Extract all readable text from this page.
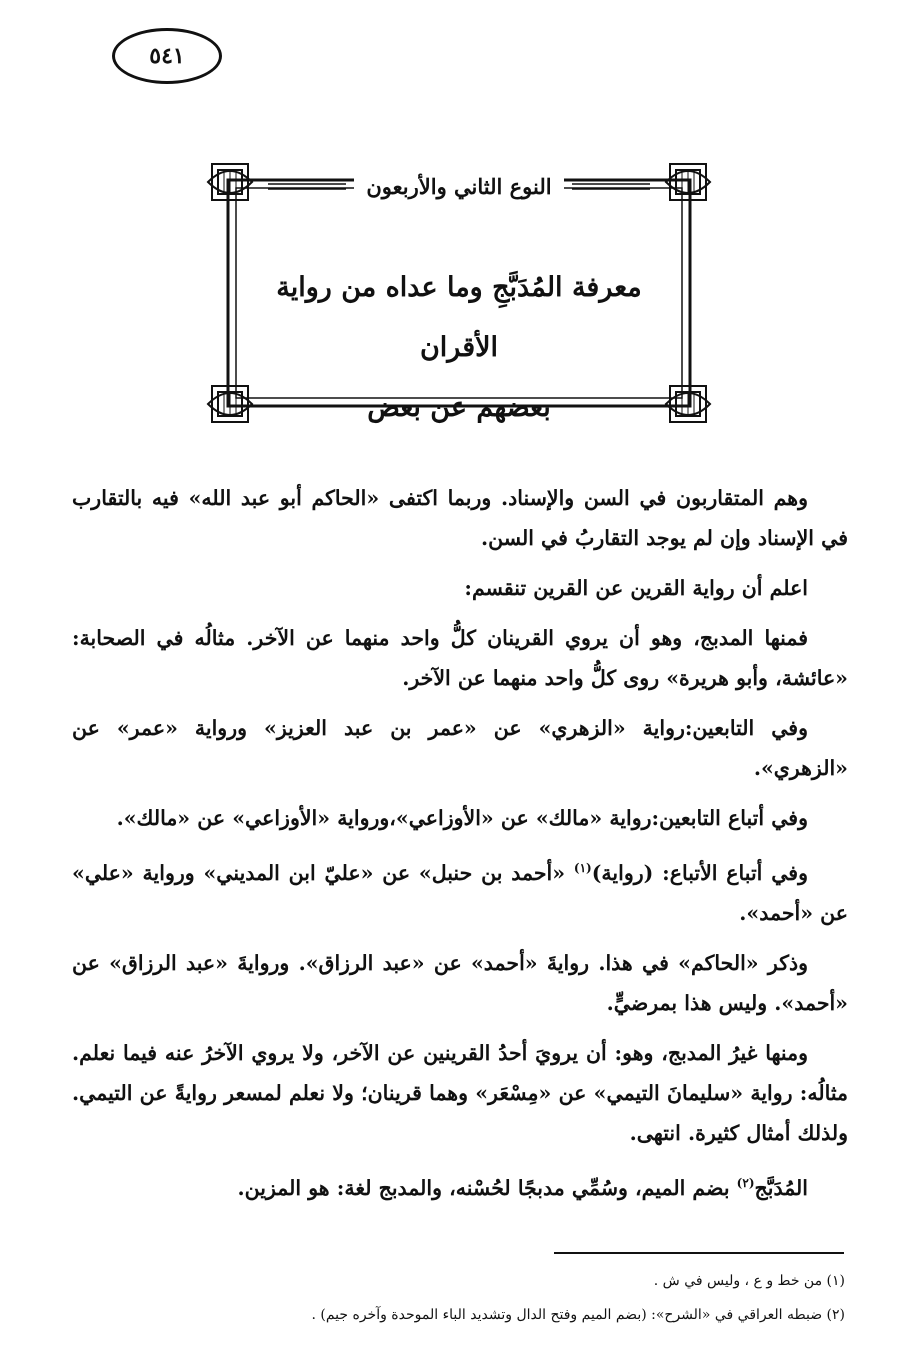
٥٤١
النوع الثاني والأربعون
معرفة المُدَبَّجِ وما عداه من رواية الأقران
بعضهم عن بعض

وهم المتقاربون في السن والإسناد. وربما اكتفى «الحاكم أبو عبد الله» فيه بالتقارب في الإسناد وإن لم يوجد التقاربُ في السن.

اعلم أن رواية القرين عن القرين تنقسم:

فمنها المدبج، وهو أن يروي القرينان كلُّ واحد منهما عن الآخر. مثالُه في الصحابة: «عائشة، وأبو هريرة» روى كلُّ واحد منهما عن الآخر.

وفي التابعين:رواية «الزهري» عن «عمر بن عبد العزيز» ورواية «عمر» عن «الزهري».

وفي أتباع التابعين:رواية «مالك» عن «الأوزاعي»،ورواية «الأوزاعي» عن «مالك».

وفي أتباع الأتباع: (رواية)$^{(١)}$ «أحمد بن حنبل» عن «عليّ ابن المديني» ورواية «علي» عن «أحمد».

وذكر «الحاكم» في هذا. روايةَ «أحمد» عن «عبد الرزاق». وروايةَ «عبد الرزاق» عن «أحمد». وليس هذا بمرضيٍّ.

ومنها غيرُ المدبج، وهو: أن يرويَ أحدُ القرينين عن الآخر، ولا يروي الآخرُ عنه فيما نعلم. مثالُه: رواية «سليمانَ التيمي» عن «مِسْعَر» وهما قرينان؛ ولا نعلم لمسعر روايةً عن التيمي. ولذلك أمثال كثيرة. انتهى.

المُدَبَّج$^{(٢)}$ بضم الميم، وسُمِّي مدبجًا لحُسْنه، والمدبج لغة: هو المزين.

(١) من خط و ع ، وليس في ش .
(٢) ضبطه العراقي في «الشرح»: (بضم الميم وفتح الدال وتشديد الباء الموحدة وآخره جيم) .
